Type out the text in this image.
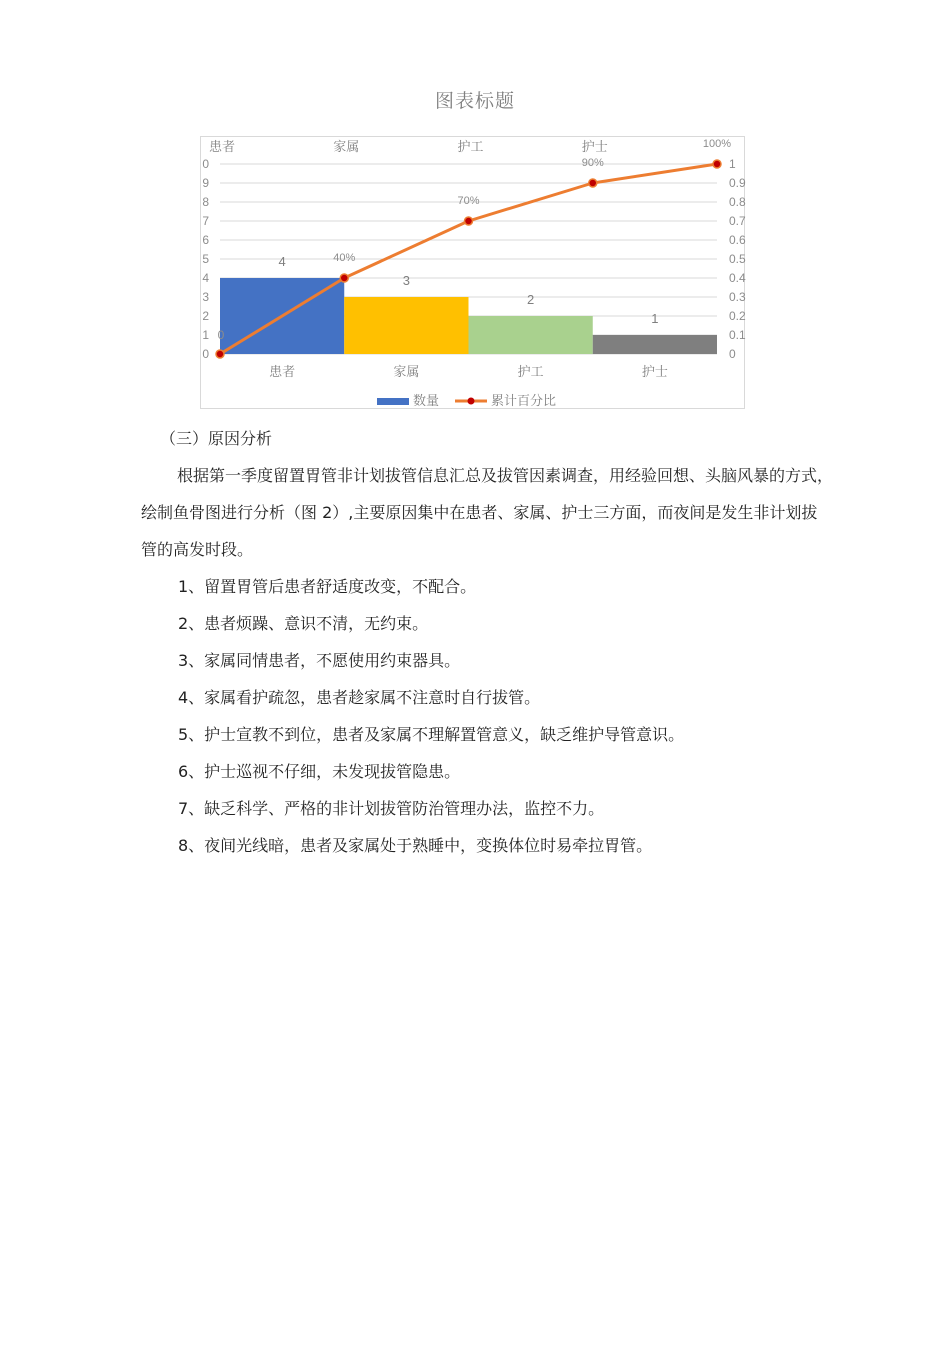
图表标题
0
1
2
3
4
5
6
7
8
9
0
0
0.1
0.2
0.3
0.4
0.5
0.6
0.7
0.8
0.9
1
4
3
2
1
患者	家属	护工	护士
患者	家属	护工	护士
0
40%
70%
90%
100%
数量	累计百分比
（三）原因分析
根据第一季度留置胃管非计划拔管信息汇总及拔管因素调查，用经验回想、头脑风暴的方式，
绘制鱼骨图进行分析（图 2）,主要原因集中在患者、家属、护士三方面，而夜间是发生非计划拔
管的高发时段。
1、留置胃管后患者舒适度改变，不配合。
2、患者烦躁、意识不清，无约束。
3、家属同情患者，不愿使用约束器具。
4、家属看护疏忽，患者趁家属不注意时自行拔管。
5、护士宣教不到位，患者及家属不理解置管意义，缺乏维护导管意识。
6、护士巡视不仔细，未发现拔管隐患。
7、缺乏科学、严格的非计划拔管防治管理办法，监控不力。
8、夜间光线暗，患者及家属处于熟睡中，变换体位时易牵拉胃管。
